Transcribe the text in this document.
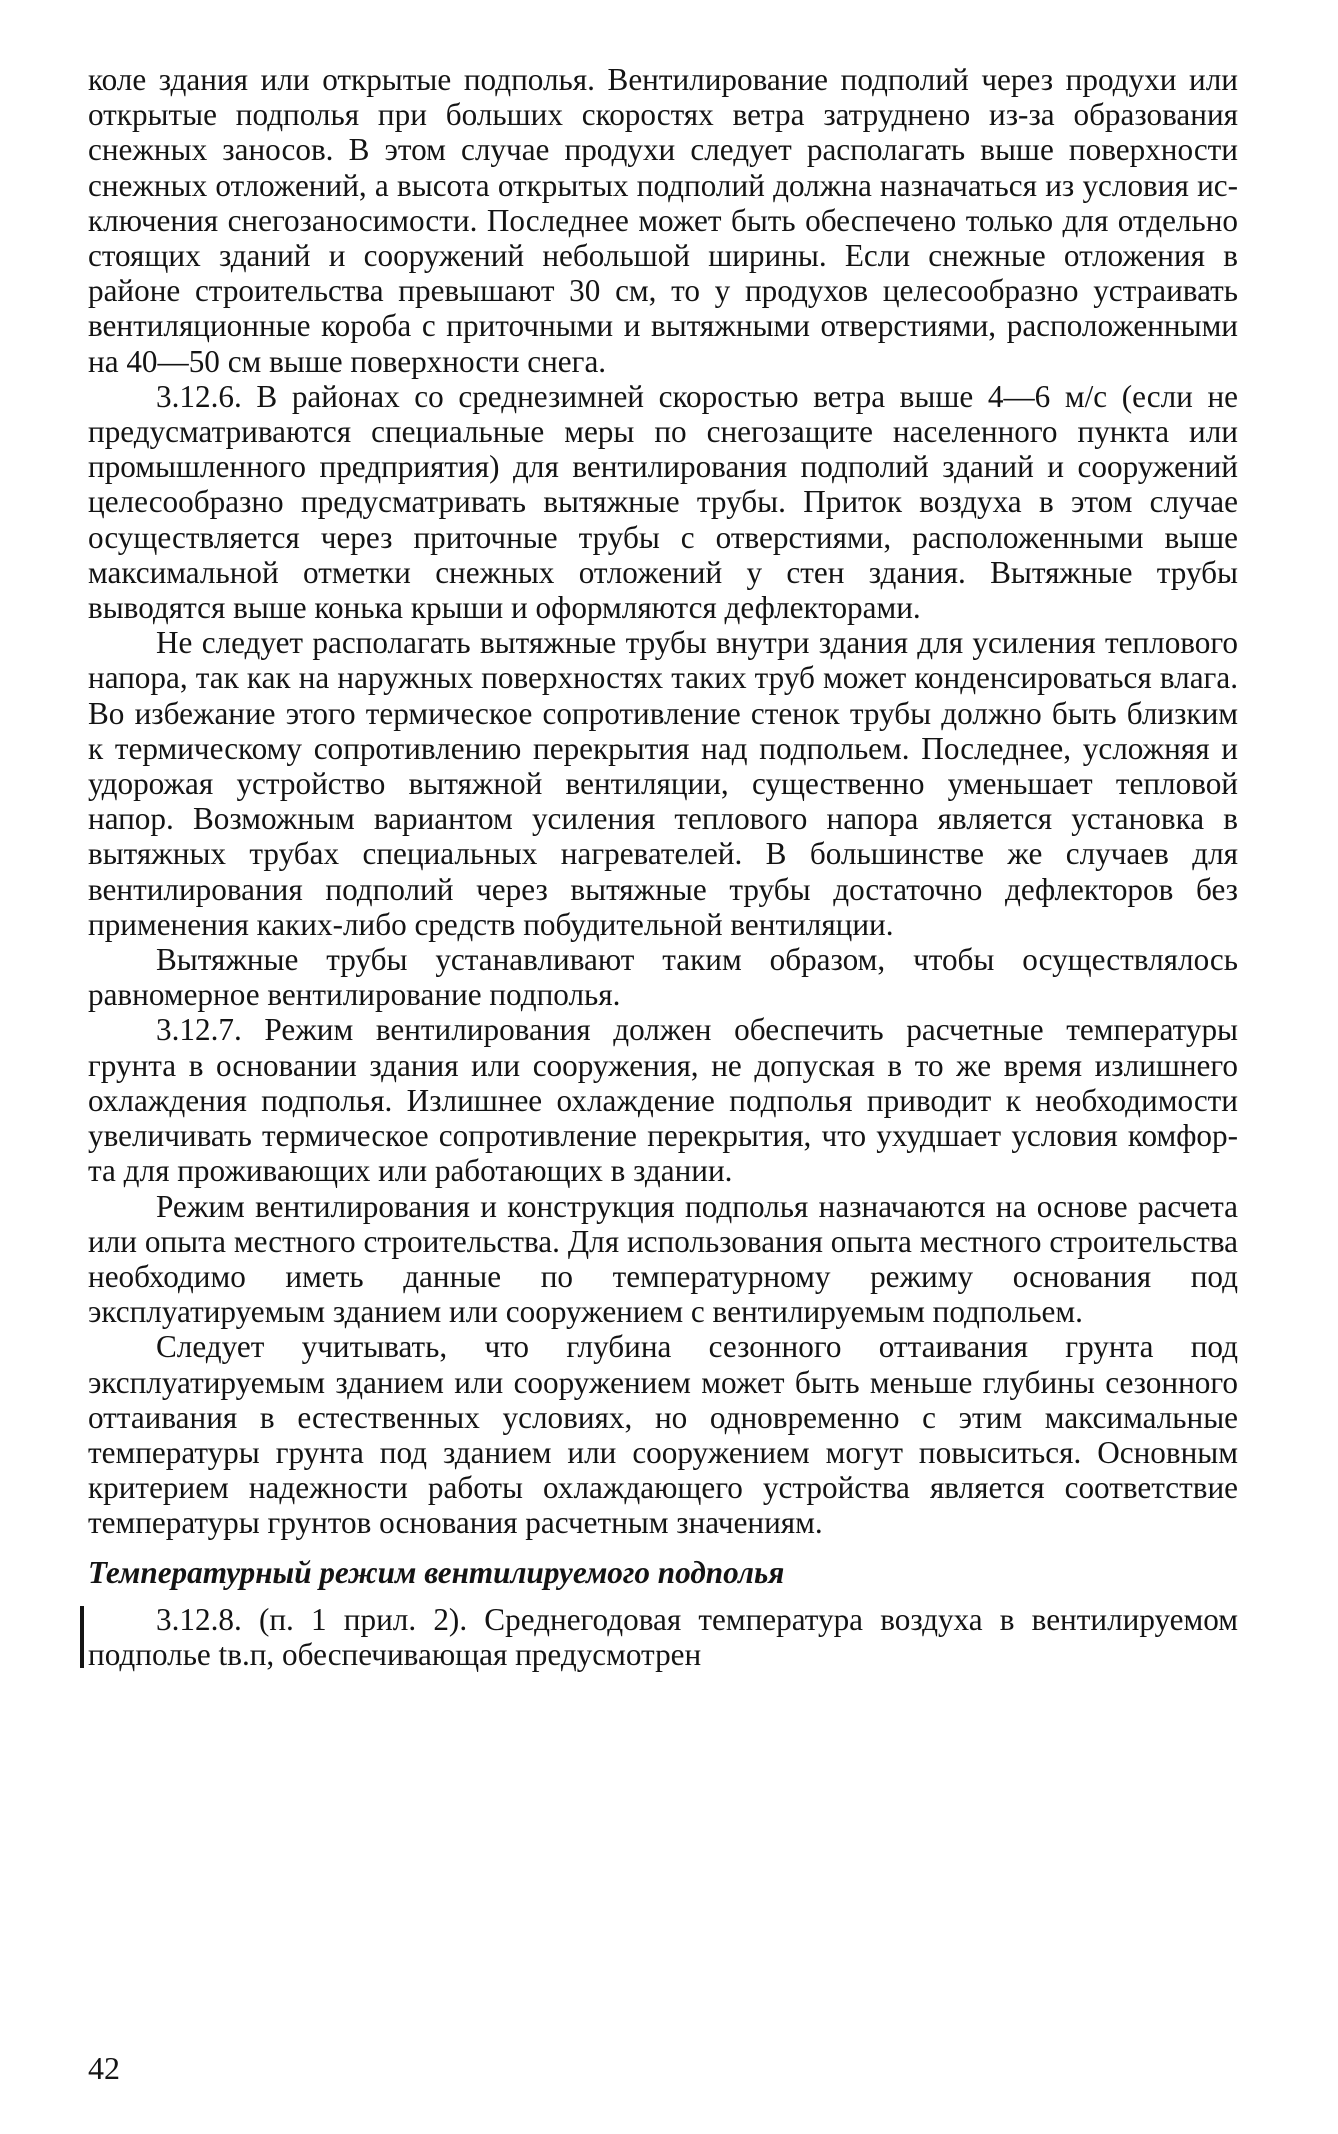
коле здания или открытые подполья. Вентилирование подполий через продухи или открытые подполья при больших скоростях ветра затруднено из-за образования снежных заносов. В этом случае продухи следует располагать выше поверхности снежных отложений, а высота открытых подполий должна назначаться из условия исключения снегозаносимости. Последнее может быть обеспечено только для отдельно стоящих зданий и сооружений небольшой ширины. Если снежные отложения в районе строительства превышают 30 см, то у продухов целесообразно устраивать вентиляционные короба с приточными и вытяжными отверстиями, расположенными на 40—50 см выше поверхности снега.

3.12.6. В районах со среднезимней скоростью ветра выше 4—6 м/с (если не предусматриваются специальные меры по снегозащите населенного пункта или промышленного предприятия) для вентилирования подполий зданий и сооружений целесообразно предусматривать вытяжные трубы. Приток воздуха в этом случае осуществляется через приточные трубы с отверстиями, расположенными выше максимальной отметки снежных отложений у стен здания. Вытяжные трубы выводятся выше конька крыши и оформляются дефлекторами.

Не следует располагать вытяжные трубы внутри здания для усиления теплового напора, так как на наружных поверхностях таких труб может конденсироваться влага. Во избежание этого термическое сопротивление стенок трубы должно быть близким к термическому сопротивлению перекрытия над подпольем. Последнее, усложняя и удорожая устройство вытяжной вентиляции, существенно уменьшает тепловой напор. Возможным вариантом усиления теплового напора является установка в вытяжных трубах специальных нагревателей. В большинстве же случаев для вентилирования подполий через вытяжные трубы достаточно дефлекторов без применения каких-либо средств побудительной вентиляции.

Вытяжные трубы устанавливают таким образом, чтобы осуществлялось равномерное вентилирование подполья.

3.12.7. Режим вентилирования должен обеспечить расчетные температуры грунта в основании здания или сооружения, не допуская в то же время излишнего охлаждения подполья. Излишнее охлаждение подполья приводит к необходимости увеличивать термическое сопротивление перекрытия, что ухудшает условия комфорта для проживающих или работающих в здании.

Режим вентилирования и конструкция подполья назначаются на основе расчета или опыта местного строительства. Для использования опыта местного строительства необходимо иметь данные по температурному режиму основания под эксплуатируемым зданием или сооружением с вентилируемым подпольем.

Следует учитывать, что глубина сезонного оттаивания грунта под эксплуатируемым зданием или сооружением может быть меньше глубины сезонного оттаивания в естественных условиях, но одновременно с этим максимальные температуры грунта под зданием или сооружением могут повыситься. Основным критерием надежности работы охлаждающего устройства является соответствие температуры грунтов основания расчетным значениям.

Температурный режим вентилируемого подполья

3.12.8. (п. 1 прил. 2). Среднегодовая температура воздуха в вентилируемом подполье tв.п, обеспечивающая предусмотрен

42
